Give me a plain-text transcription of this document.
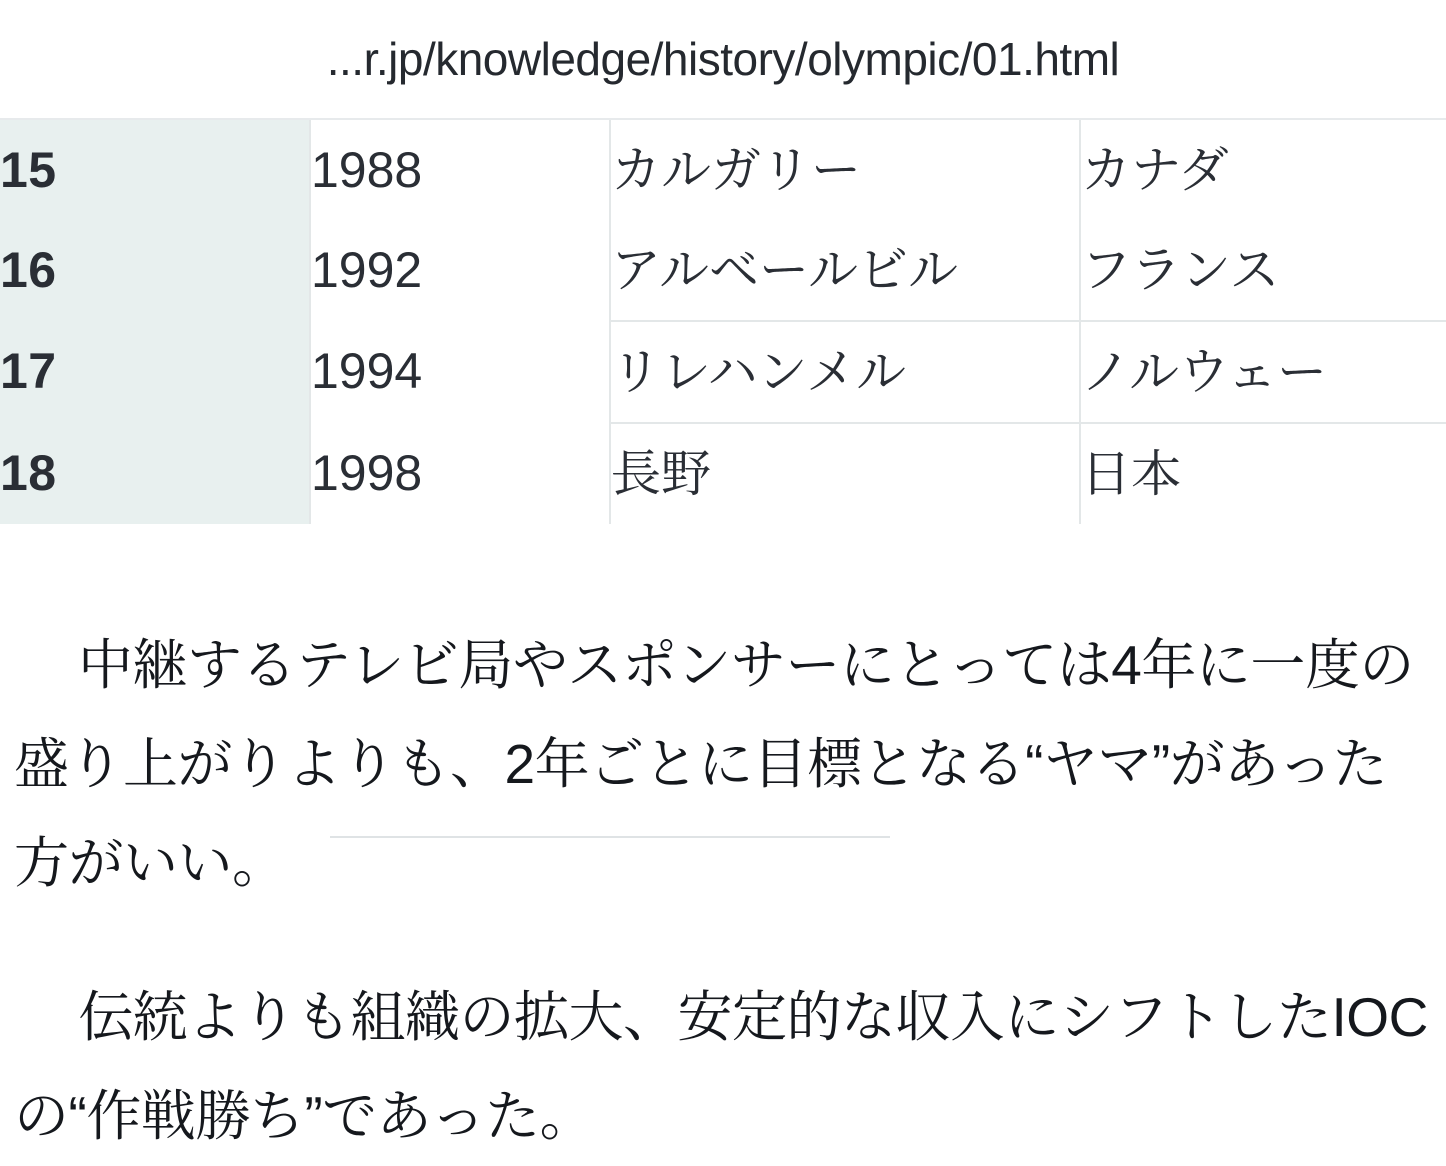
...r.jp/knowledge/history/olympic/01.html
15	1988	カルガリー	カナダ
16	1992	アルベールビル	フランス
17	1994	リレハンメル	ノルウェー
18	1998	長野	日本

中継するテレビ局やスポンサーにとっては4年に一度の盛り上がりよりも、2年ごとに目標となる“ヤマ”があった方がいい。

伝統よりも組織の拡大、安定的な収入にシフトしたIOCの“作戦勝ち”であった。
